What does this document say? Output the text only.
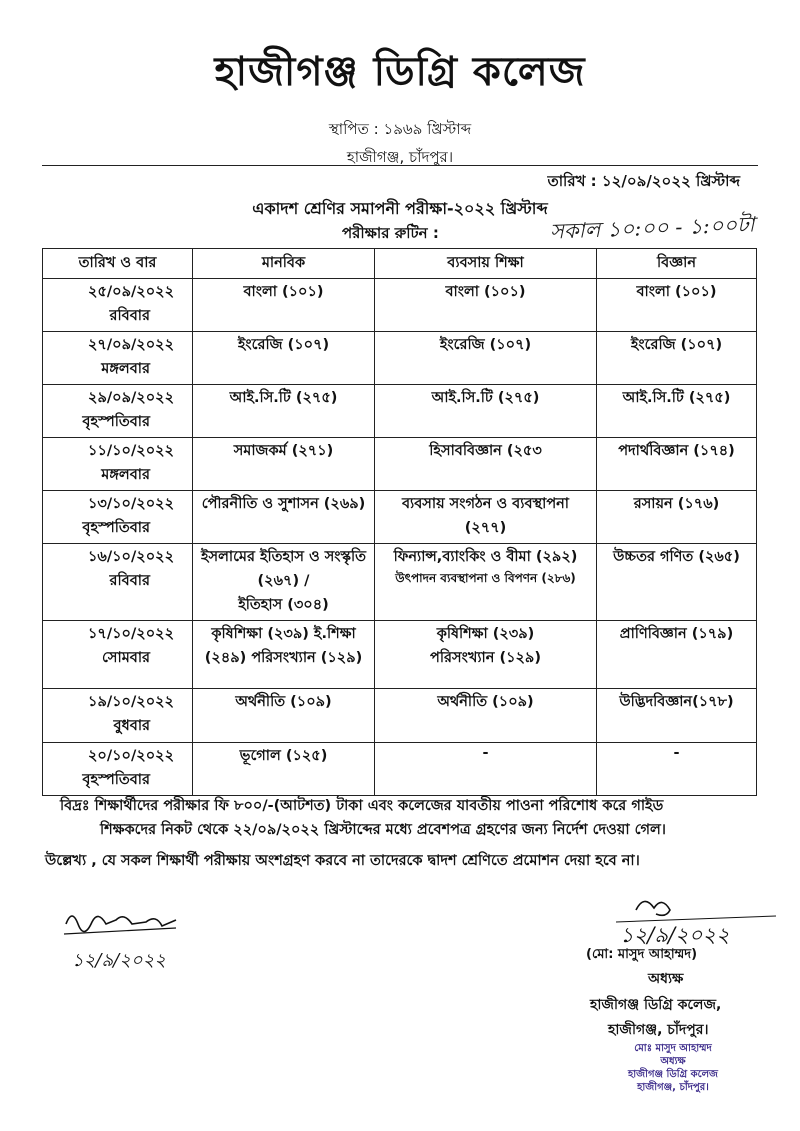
হাজীগঞ্জ ডিগ্রি কলেজ
স্থাপিত : ১৯৬৯ খ্রিস্টাব্দ
হাজীগঞ্জ, চাঁদপুর।
তারিখ : ১২/০৯/২০২২ খ্রিস্টাব্দ
একাদশ শ্রেণির সমাপনী পরীক্ষা-২০২২ খ্রিস্টাব্দ
পরীক্ষার রুটিন :	সকাল ১০:০০ - ১:০০টা
তারিখ ও বার	মানবিক	ব্যবসায় শিক্ষা	বিজ্ঞান

২৫/০৯/২০২২
রবিবার	বাংলা (১০১)	বাংলা (১০১)	বাংলা (১০১)

২৭/০৯/২০২২
মঙ্গলবার	ইংরেজি (১০৭)	ইংরেজি (১০৭)	ইংরেজি (১০৭)

২৯/০৯/২০২২
বৃহস্পতিবার	আই.সি.টি (২৭৫)	আই.সি.টি (২৭৫)	আই.সি.টি (২৭৫)

১১/১০/২০২২
মঙ্গলবার	সমাজকর্ম (২৭১)	হিসাববিজ্ঞান (২৫৩	পদার্থবিজ্ঞান (১৭৪)

১৩/১০/২০২২
বৃহস্পতিবার	পৌরনীতি ও সুশাসন (২৬৯)	ব্যবসায় সংগঠন ও ব্যবস্থাপনা
(২৭৭)	রসায়ন (১৭৬)

১৬/১০/২০২২
রবিবার	ইসলামের ইতিহাস ও সংস্কৃতি
(২৬৭) /
ইতিহাস (৩০৪)	ফিন্যান্স,ব্যাংকিং ও বীমা (২৯২)
উৎপাদন ব্যবস্থাপনা ও বিপণন (২৮৬)	উচ্চতর গণিত (২৬৫)

১৭/১০/২০২২
সোমবার	কৃষিশিক্ষা (২৩৯) ই.শিক্ষা
(২৪৯) পরিসংখ্যান (১২৯)	কৃষিশিক্ষা (২৩৯)
পরিসংখ্যান (১২৯)	প্রাণিবিজ্ঞান (১৭৯)

১৯/১০/২০২২
বুধবার	অর্থনীতি (১০৯)	অর্থনীতি (১০৯)	উদ্ভিদবিজ্ঞান(১৭৮)

২০/১০/২০২২
বৃহস্পতিবার	ভূগোল (১২৫)	-	-
বিদ্রঃ শিক্ষার্থীদের পরীক্ষার ফি ৮০০/-(আটশত) টাকা এবং কলেজের যাবতীয় পাওনা পরিশোধ করে গাইড
শিক্ষকদের নিকট থেকে ২২/০৯/২০২২ খ্রিস্টাব্দের মধ্যে প্রবেশপত্র গ্রহণের জন্য নির্দেশ দেওয়া গেল।
উল্লেখ্য , যে সকল শিক্ষার্থী পরীক্ষায় অংশগ্রহণ করবে না তাদেরকে দ্বাদশ শ্রেণিতে প্রমোশন দেয়া হবে না।
১২/৯/২০২২
১২/৯/২০২২
(মো: মাসুদ আহাম্মদ)
অধ্যক্ষ
হাজীগঞ্জ ডিগ্রি কলেজ,
হাজীগঞ্জ, চাঁদপুর।
মোঃ মাসুদ আহাম্মদ
অধ্যক্ষ
হাজীগঞ্জ ডিগ্রি কলেজ
হাজীগঞ্জ, চাঁদপুর।
